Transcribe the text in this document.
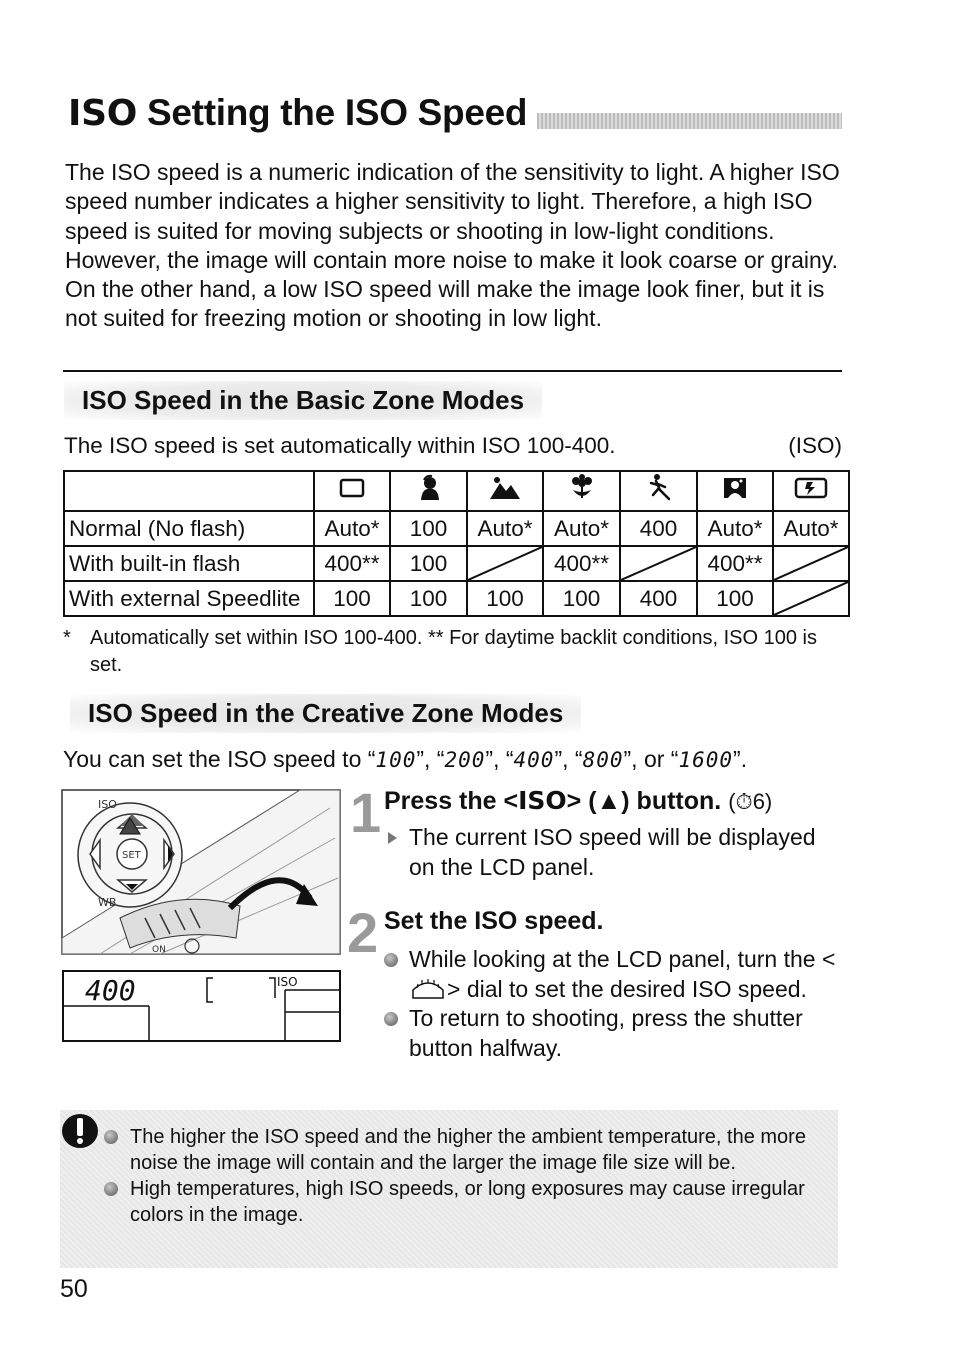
ISO Setting the ISO Speed
The ISO speed is a numeric indication of the sensitivity to light. A higher ISO speed number indicates a higher sensitivity to light. Therefore, a high ISO speed is suited for moving subjects or shooting in low-light conditions. However, the image will contain more noise to make it look coarse or grainy. On the other hand, a low ISO speed will make the image look finer, but it is not suited for freezing motion or shooting in low light.
ISO Speed in the Basic Zone Modes
The ISO speed is set automatically within ISO 100-400.	(ISO)

Normal (No flash)	Auto*	100	Auto*	Auto*	400	Auto*	Auto*
With built-in flash	400**	100		400**		400**	

With external Speedlite	100	100	100	100	400	100	
* Automatically set within ISO 100-400. ** For daytime backlit conditions, ISO 100 is set.
ISO Speed in the Creative Zone Modes
You can set the ISO speed to “100”, “200”, “400”, “800”, or “1600”.
SET
ISO
WB
ON
400	ISO
1 Press the <ISO> (▲) button. (⏱6)
The current ISO speed will be displayed on the LCD panel.
2 Set the ISO speed.
While looking at the LCD panel, turn the <> dial to set the desired ISO speed.
To return to shooting, press the shutter button halfway.
The higher the ISO speed and the higher the ambient temperature, the more noise the image will contain and the larger the image file size will be.
High temperatures, high ISO speeds, or long exposures may cause irregular colors in the image.
50
